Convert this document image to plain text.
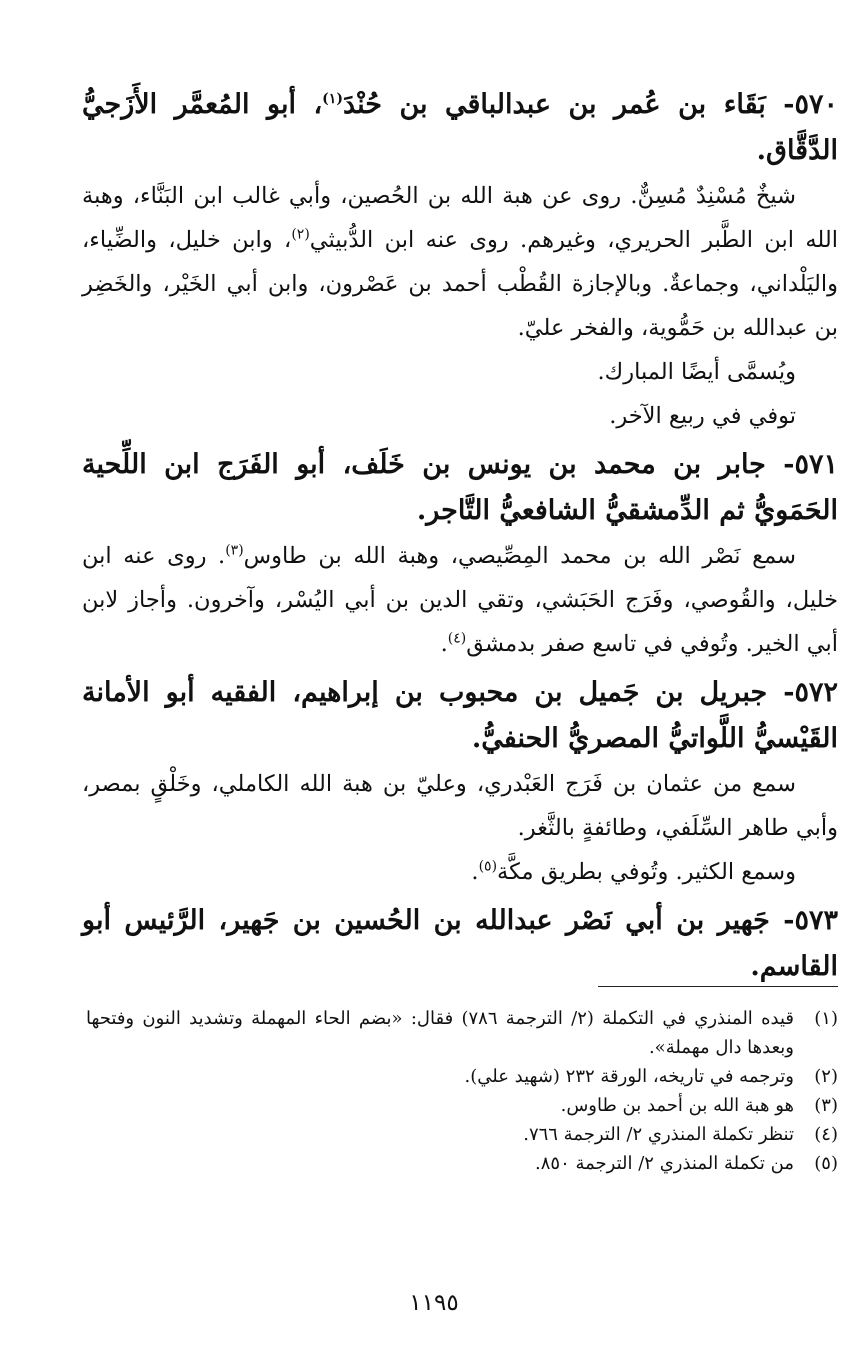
٥٧٠- بَقَاء بن عُمر بن عبدالباقي بن حُنْدَ$^{(١)}$، أبو المُعمَّر الأَزَجيُّ الدَّقَّاق.

شيخٌ مُسْنِدٌ مُسِنٌّ. روى عن هبة الله بن الحُصين، وأبي غالب ابن البَنَّاء، وهبة الله ابن الطَّبر الحريري، وغيرهم. روى عنه ابن الدُّبيثي$^{(٢)}$، وابن خليل، والضِّياء، واليَلْداني، وجماعةٌ. وبالإجازة القُطْب أحمد بن عَصْرون، وابن أبي الخَيْر، والخَضِر بن عبدالله بن حَمُّوية، والفخر عليّ.

ويُسمَّى أيضًا المبارك.

توفي في ربيع الآخر.

٥٧١- جابر بن محمد بن يونس بن خَلَف، أبو الفَرَج ابن اللِّحية الحَمَويُّ ثم الدِّمشقيُّ الشافعيُّ التَّاجر.

سمع نَصْر الله بن محمد المِصِّيصي، وهبة الله بن طاوس$^{(٣)}$. روى عنه ابن خليل، والقُوصي، وفَرَج الحَبَشي، وتقي الدين بن أبي اليُسْر، وآخرون. وأجاز لابن أبي الخير. وتُوفي في تاسع صفر بدمشق$^{(٤)}$.

٥٧٢- جبريل بن جَميل بن محبوب بن إبراهيم، الفقيه أبو الأمانة القَيْسيُّ اللَّواتيُّ المصريُّ الحنفيُّ.

سمع من عثمان بن فَرَج العَبْدري، وعليّ بن هبة الله الكاملي، وخَلْقٍ بمصر، وأبي طاهر السِّلَفي، وطائفةٍ بالثَّغر.

وسمع الكثير. وتُوفي بطريق مكَّة$^{(٥)}$.

٥٧٣- جَهير بن أبي نَصْر عبدالله بن الحُسين بن جَهير، الرَّئيس أبو القاسم.

(١)
قيده المنذري في التكملة (٢/ الترجمة ٧٨٦) فقال: «بضم الحاء المهملة وتشديد النون وفتحها وبعدها دال مهملة».
(٢)
وترجمه في تاريخه، الورقة ٢٣٢ (شهيد علي).
(٣)
هو هبة الله بن أحمد بن طاوس.
(٤)
تنظر تكملة المنذري ٢/ الترجمة ٧٦٦.
(٥)
من تكملة المنذري ٢/ الترجمة ٨٥٠.
١١٩٥
